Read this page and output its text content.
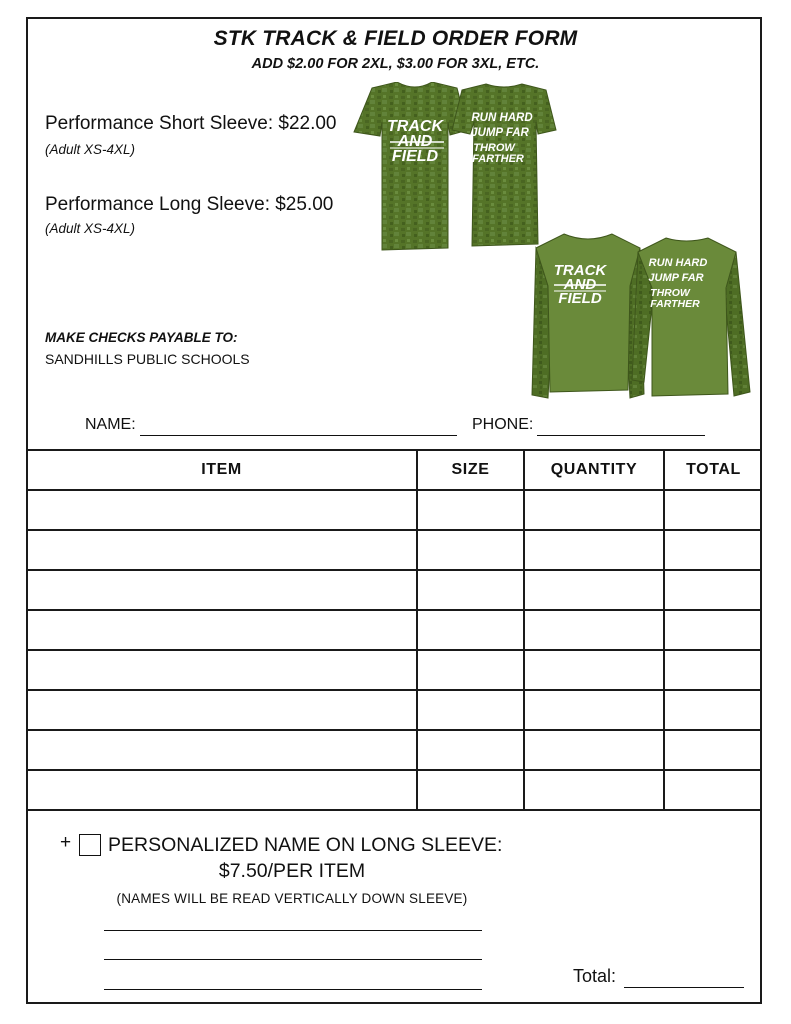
STK TRACK & FIELD ORDER FORM
ADD $2.00 FOR 2XL, $3.00 FOR 3XL, ETC.
Performance Short Sleeve: $22.00
(Adult XS-4XL)
Performance Long Sleeve: $25.00
(Adult XS-4XL)
TRACK
AND
FIELD
RUN HARD
JUMP FAR
THROW
FARTHER
TRACK
AND
FIELD
RUN HARD
JUMP FAR
THROW
FARTHER
MAKE CHECKS PAYABLE TO:
SANDHILLS PUBLIC SCHOOLS
NAME:	PHONE:
ITEM	SIZE	QUANTITY	TOTAL

+ PERSONALIZED NAME ON LONG SLEEVE:
$7.50/PER ITEM
(NAMES WILL BE READ VERTICALLY DOWN SLEEVE)
Total:
